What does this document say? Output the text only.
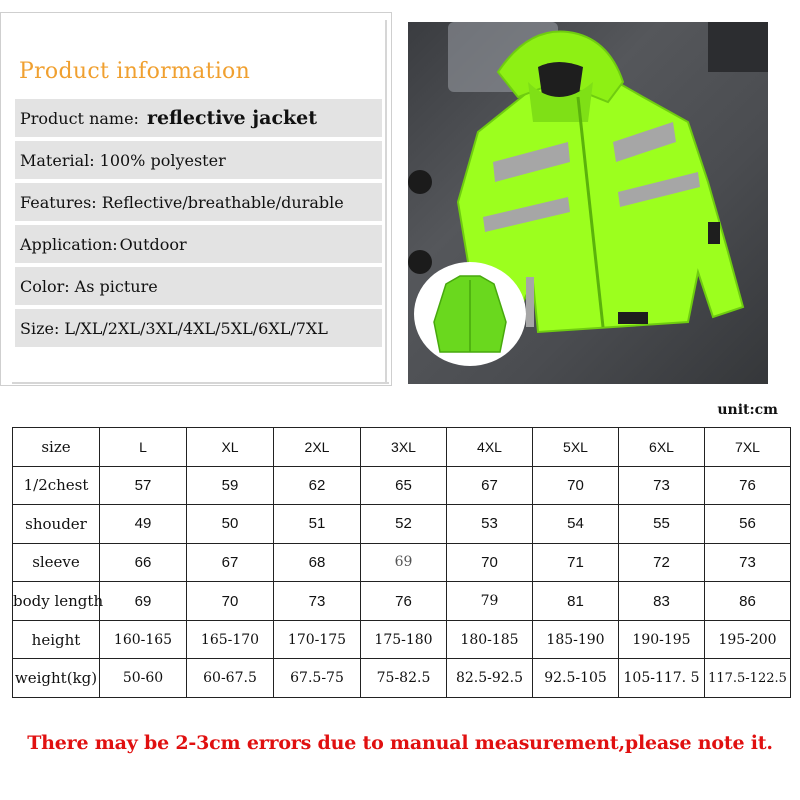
Product information
Product name: reflective jacket
Material: 100% polyester
Features: Reflective/breathable/durable
Application: Outdoor
Color: As picture
Size: L/XL/2XL/3XL/4XL/5XL/6XL/7XL
unit:cm
size	L	XL	2XL	3XL	4XL	5XL	6XL	7XL
1/2chest	57	59	62	65	67	70	73	76
shouder	49	50	51	52	53	54	55	56
sleeve	66	67	68	69	70	71	72	73
body length	69	70	73	76	79	81	83	86
height	160-165	165-170	170-175	175-180	180-185	185-190	190-195	195-200
weight(kg)	50-60	60-67.5	67.5-75	75-82.5	82.5-92.5	92.5-105	105-117. 5	117.5-122.5
There may be 2-3cm errors due to manual measurement,please note it.
